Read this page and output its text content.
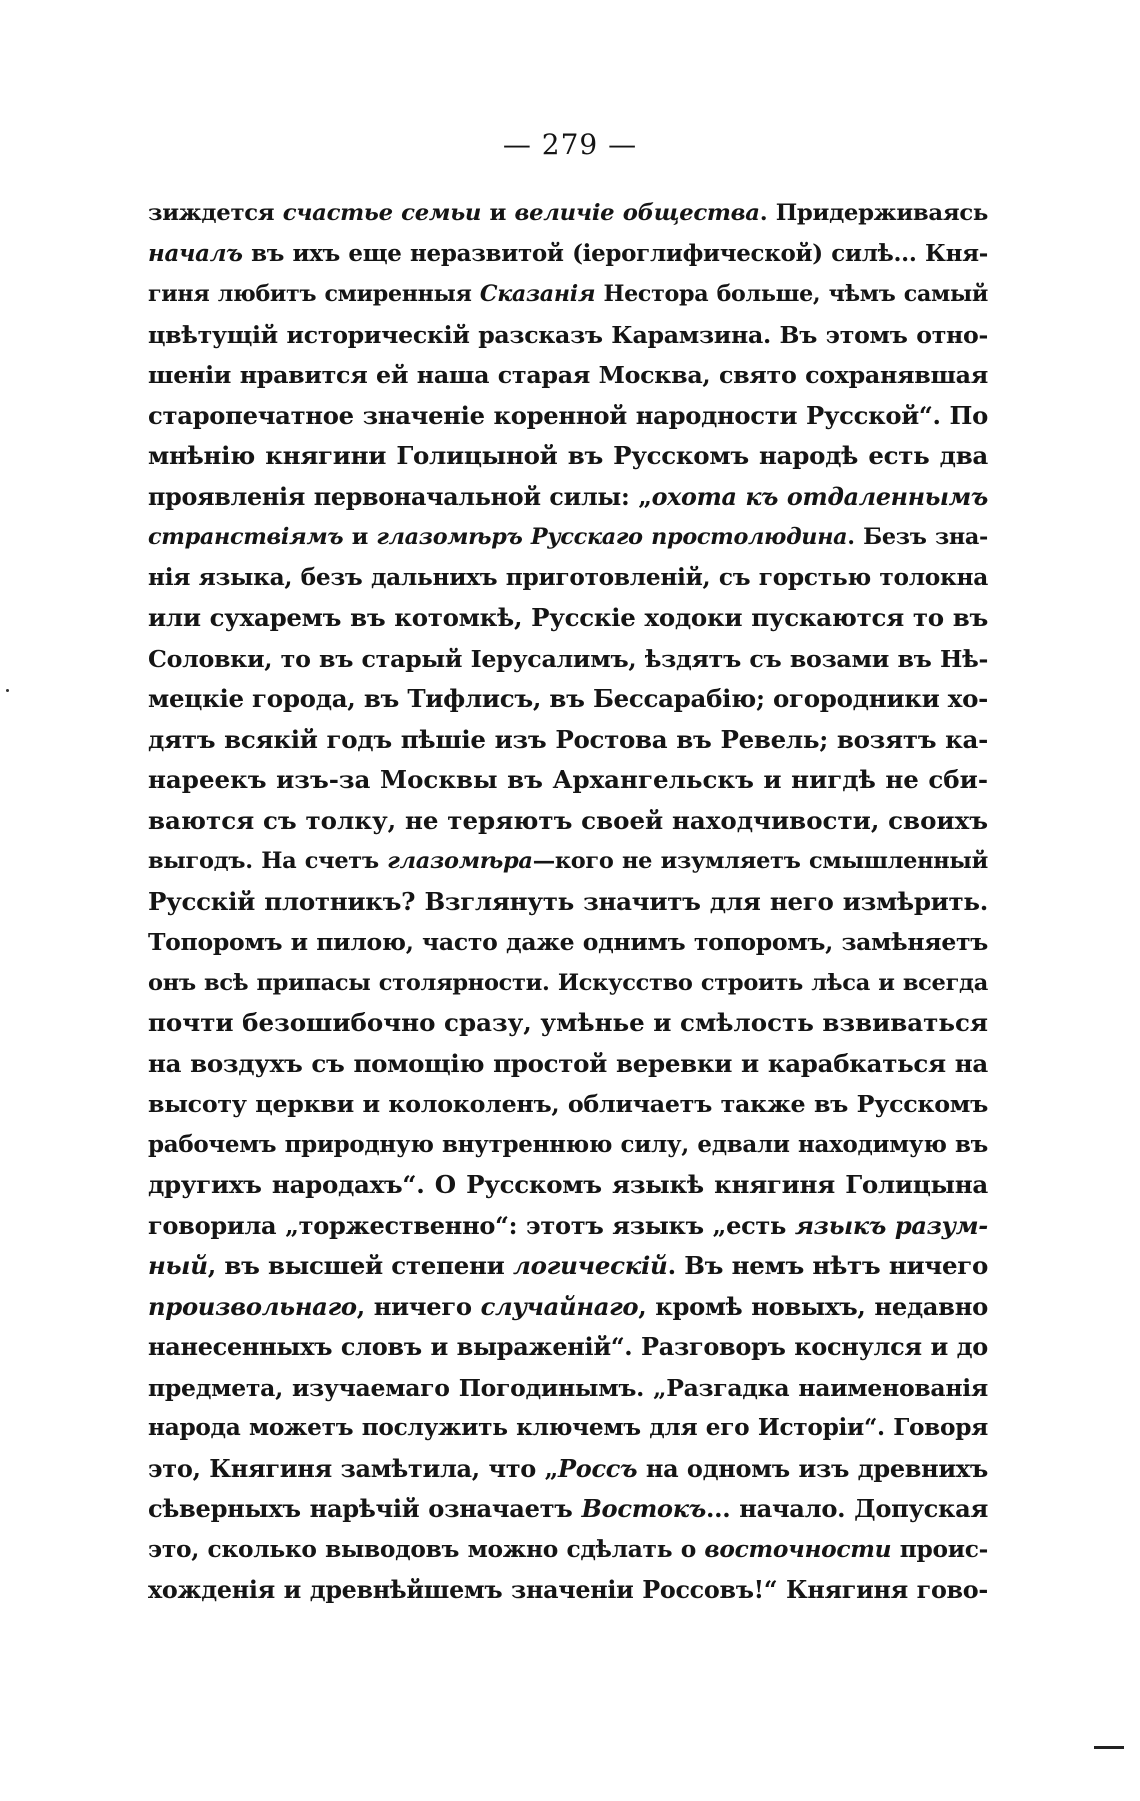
— 279 —
зиждется счастье семьи и величіе общества. Придерживаясь
началъ въ ихъ еще неразвитой (іероглифической) силѣ... Кня-
гиня любитъ смиренныя Сказанія Нестора больше, чѣмъ самый
цвѣтущій историческій разсказъ Карамзина. Въ этомъ отно-
шеніи нравится ей наша старая Москва, свято сохранявшая
старопечатное значеніе коренной народности Русской“. По
мнѣнію княгини Голицыной въ Русскомъ народѣ есть два
проявленія первоначальной силы: „охота къ отдаленнымъ
странствіямъ и глазомѣръ Русскаго простолюдина. Безъ зна-
нія языка, безъ дальнихъ приготовленій, съ горстью толокна
или сухаремъ въ котомкѣ, Русскіе ходоки пускаются то въ
Соловки, то въ старый Іерусалимъ, ѣздятъ съ возами въ Нѣ-
мецкіе города, въ Тифлисъ, въ Бессарабію; огородники хо-
дятъ всякій годъ пѣшіе изъ Ростова въ Ревель; возятъ ка-
нареекъ изъ-за Москвы въ Архангельскъ и нигдѣ не сби-
ваются съ толку, не теряютъ своей находчивости, своихъ
выгодъ. На счетъ глазомѣра—кого не изумляетъ смышленный
Русскій плотникъ? Взглянуть значитъ для него измѣрить.
Топоромъ и пилою, часто даже однимъ топоромъ, замѣняетъ
онъ всѣ припасы столярности. Искусство строить лѣса и всегда
почти безошибочно сразу, умѣнье и смѣлость взвиваться
на воздухъ съ помощію простой веревки и карабкаться на
высоту церкви и колоколенъ, обличаетъ также въ Русскомъ
рабочемъ природную внутреннюю силу, едвали находимую въ
другихъ народахъ“. О Русскомъ языкѣ княгиня Голицына
говорила „торжественно“: этотъ языкъ „есть языкъ разум-
ный, въ высшей степени логическій. Въ немъ нѣтъ ничего
произвольнаго, ничего случайнаго, кромѣ новыхъ, недавно
нанесенныхъ словъ и выраженій“. Разговоръ коснулся и до
предмета, изучаемаго Погодинымъ. „Разгадка наименованія
народа можетъ послужить ключемъ для его Исторіи“. Говоря
это, Княгиня замѣтила, что „Россъ на одномъ изъ древнихъ
сѣверныхъ нарѣчій означаетъ Востокъ... начало. Допуская
это, сколько выводовъ можно сдѣлать о восточности проис-
хожденія и древнѣйшемъ значеніи Россовъ!“ Княгиня гово-
